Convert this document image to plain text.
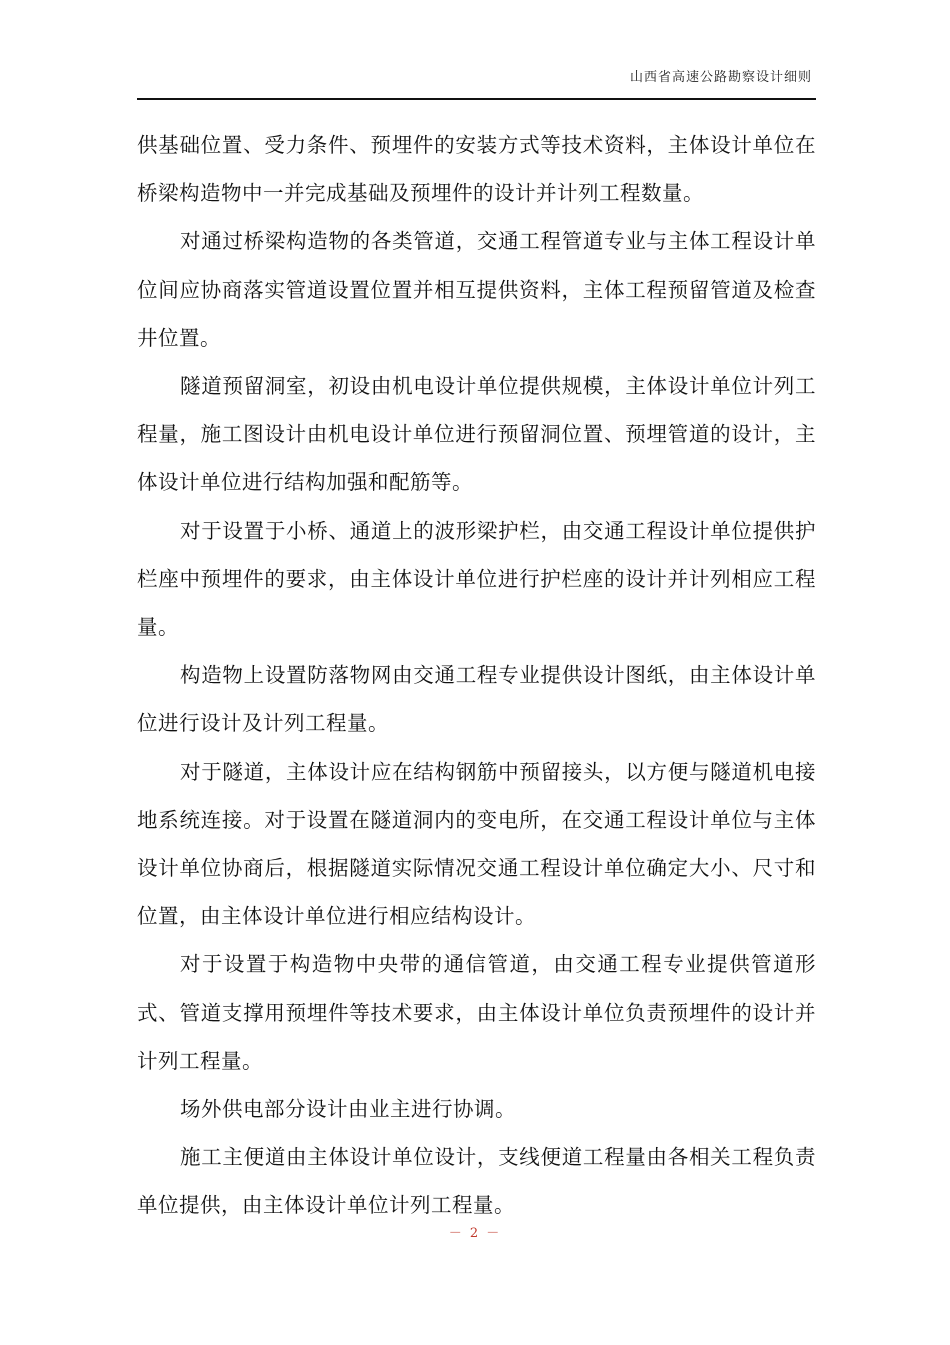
山西省高速公路勘察设计细则

供基础位置、受力条件、预埋件的安装方式等技术资料，主体设计单位在桥梁构造物中一并完成基础及预埋件的设计并计列工程数量。

对通过桥梁构造物的各类管道，交通工程管道专业与主体工程设计单位间应协商落实管道设置位置并相互提供资料，主体工程预留管道及检查井位置。

隧道预留洞室，初设由机电设计单位提供规模，主体设计单位计列工程量，施工图设计由机电设计单位进行预留洞位置、预埋管道的设计，主体设计单位进行结构加强和配筋等。

对于设置于小桥、通道上的波形梁护栏，由交通工程设计单位提供护栏座中预埋件的要求，由主体设计单位进行护栏座的设计并计列相应工程量。

构造物上设置防落物网由交通工程专业提供设计图纸，由主体设计单位进行设计及计列工程量。

对于隧道，主体设计应在结构钢筋中预留接头，以方便与隧道机电接地系统连接。对于设置在隧道洞内的变电所，在交通工程设计单位与主体设计单位协商后，根据隧道实际情况交通工程设计单位确定大小、尺寸和位置，由主体设计单位进行相应结构设计。

对于设置于构造物中央带的通信管道，由交通工程专业提供管道形式、管道支撑用预埋件等技术要求，由主体设计单位负责预埋件的设计并计列工程量。

场外供电部分设计由业主进行协调。

施工主便道由主体设计单位设计，支线便道工程量由各相关工程负责单位提供，由主体设计单位计列工程量。

－ 2 －
